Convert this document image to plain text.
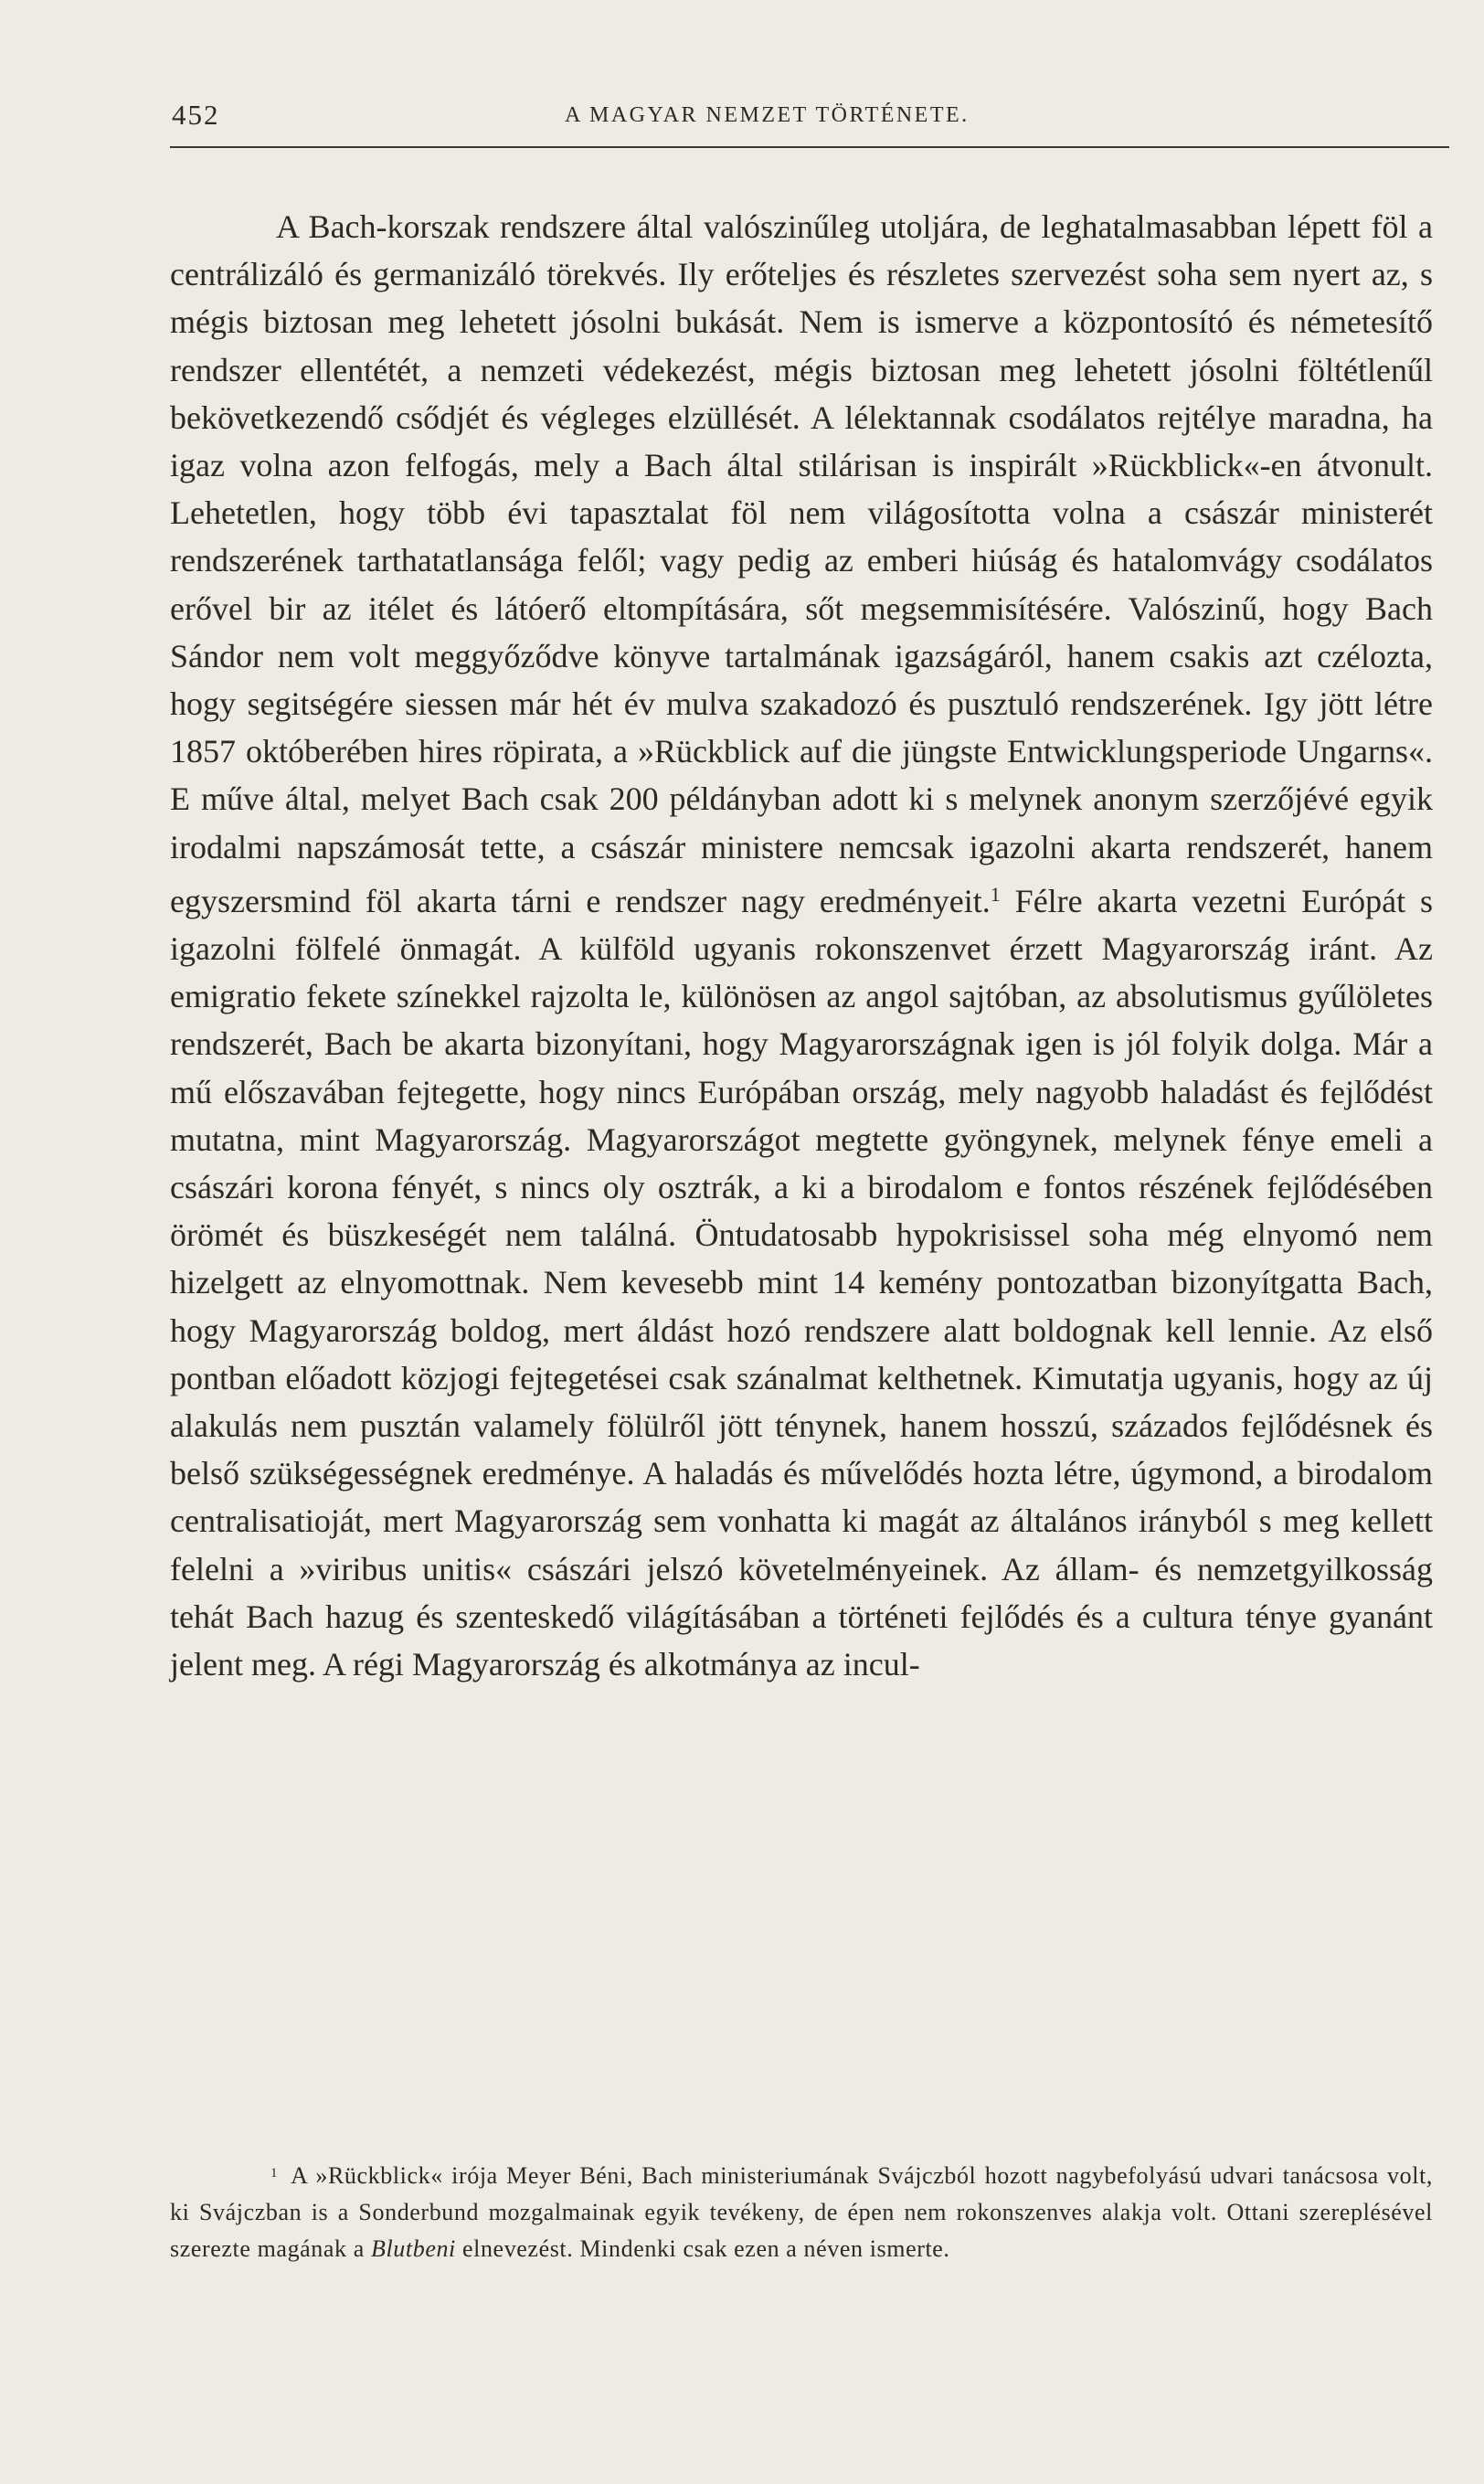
452	A MAGYAR NEMZET TÖRTÉNETE.

A Bach-korszak rendszere által valószinűleg utoljára, de leghatalmasabban lépett föl a centrálizáló és germanizáló törekvés. Ily erőteljes és részletes szervezést soha sem nyert az, s mégis biztosan meg lehetett jósolni bukását. Nem is ismerve a központosító és németesítő rendszer ellentétét, a nemzeti védekezést, mégis biztosan meg lehetett jósolni föltétlenűl bekövetkezendő csődjét és végleges elzüllését. A lélektannak csodálatos rejtélye maradna, ha igaz volna azon felfogás, mely a Bach által stilárisan is inspirált »Rückblick«-en átvonult. Lehetetlen, hogy több évi tapasztalat föl nem világosította volna a császár ministerét rendszerének tarthatatlansága felől; vagy pedig az emberi hiúság és hatalomvágy csodálatos erővel bir az itélet és látóerő eltompítására, sőt megsemmisítésére. Valószinű, hogy Bach Sándor nem volt meggyőződve könyve tartalmának igazságáról, hanem csakis azt czélozta, hogy segitségére siessen már hét év mulva szakadozó és pusztuló rendszerének. Igy jött létre 1857 októberében hires röpirata, a »Rückblick auf die jüngste Entwicklungsperiode Ungarns«. E műve által, melyet Bach csak 200 példányban adott ki s melynek anonym szerzőjévé egyik irodalmi napszámosát tette, a császár ministere nemcsak igazolni akarta rendszerét, hanem egyszersmind föl akarta tárni e rendszer nagy eredményeit.$^1$ Félre akarta vezetni Európát s igazolni fölfelé önmagát. A külföld ugyanis rokonszenvet érzett Magyarország iránt. Az emigratio fekete színekkel rajzolta le, különösen az angol sajtóban, az absolutismus gyűlöletes rendszerét, Bach be akarta bizonyítani, hogy Magyarországnak igen is jól folyik dolga. Már a mű előszavában fejtegette, hogy nincs Európában ország, mely nagyobb haladást és fejlődést mutatna, mint Magyarország. Magyarországot megtette gyöngynek, melynek fénye emeli a császári korona fényét, s nincs oly osztrák, a ki a birodalom e fontos részének fejlődésében örömét és büszkeségét nem találná. Öntudatosabb hypokrisissel soha még elnyomó nem hizelgett az elnyomottnak. Nem kevesebb mint 14 kemény pontozatban bizonyítgatta Bach, hogy Magyarország boldog, mert áldást hozó rendszere alatt boldognak kell lennie. Az első pontban előadott közjogi fejtegetései csak szánalmat kelthetnek. Kimutatja ugyanis, hogy az új alakulás nem pusztán valamely fölülről jött ténynek, hanem hosszú, százados fejlődésnek és belső szükségességnek eredménye. A haladás és művelődés hozta létre, úgymond, a birodalom centralisatioját, mert Magyarország sem vonhatta ki magát az általános irányból s meg kellett felelni a »viribus unitis« császári jelszó követelményeinek. Az állam- és nemzetgyilkosság tehát Bach hazug és szenteskedő világításában a történeti fejlődés és a cultura ténye gyanánt jelent meg. A régi Magyarország és alkotmánya az incul-

$^1$ A »Rückblick« irója Meyer Béni, Bach ministeriumának Svájczból hozott nagybefolyású udvari tanácsosa volt, ki Svájczban is a Sonderbund mozgalmainak egyik tevékeny, de épen nem rokonszenves alakja volt. Ottani szereplésével szerezte magának a Blutbeni elnevezést. Mindenki csak ezen a néven ismerte.
